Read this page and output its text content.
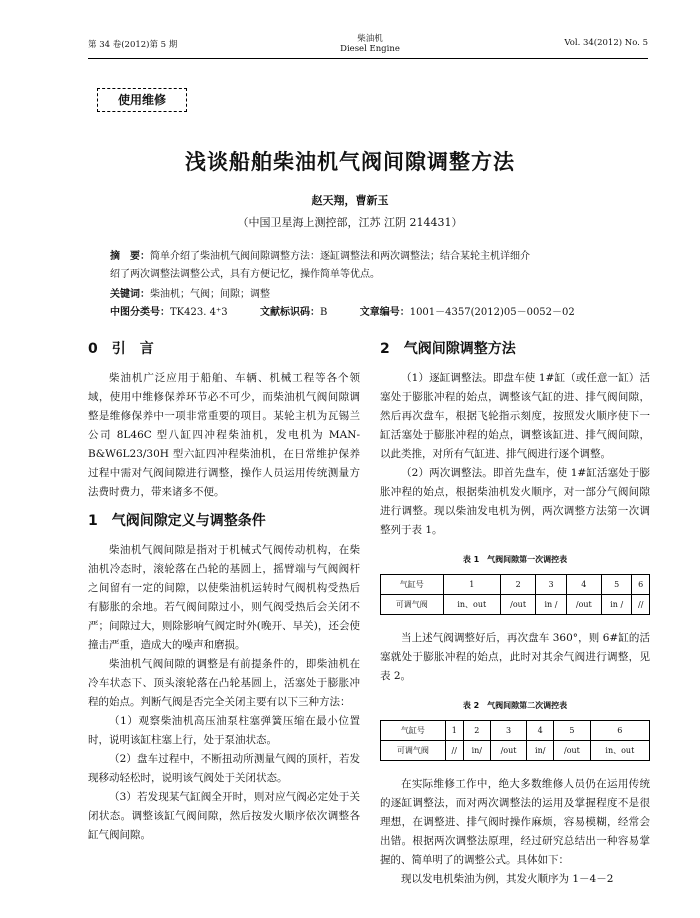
第 34 卷(2012)第 5 期
柴油机
Diesel Engine
Vol. 34(2012) No. 5
使用维修
浅谈船舶柴油机气阀间隙调整方法
赵天翔，曹新玉
（中国卫星海上测控部，江苏 江阴 214431）
摘　要：简单介绍了柴油机气阀间隙调整方法：逐缸调整法和两次调整法；结合某轮主机详细介
绍了两次调整法调整公式，具有方便记忆，操作简单等优点。
关键词：柴油机；气阀；间隙；调整
中图分类号：TK423. 4⁺3	文献标识码：B	文章编号：1001－4357(2012)05－0052－02
0　引　言

柴油机广泛应用于船舶、车辆、机械工程等各个领域，使用中维修保养环节必不可少，而柴油机气阀间隙调整是维修保养中一项非常重要的项目。某轮主机为瓦锡兰公司 8L46C 型八缸四冲程柴油机，发电机为 MAN-B&W6L23/30H 型六缸四冲程柴油机，在日常维护保养过程中需对气阀间隙进行调整，操作人员运用传统测量方法费时费力，带来诸多不便。

1　气阀间隙定义与调整条件

柴油机气阀间隙是指对于机械式气阀传动机构，在柴油机冷态时，滚轮落在凸轮的基圆上，摇臂端与气阀阀杆之间留有一定的间隙，以使柴油机运转时气阀机构受热后有膨胀的余地。若气阀间隙过小，则气阀受热后会关闭不严；间隙过大，则除影响气阀定时外(晚开、早关)，还会使撞击严重，造成大的噪声和磨损。

柴油机气阀间隙的调整是有前提条件的，即柴油机在冷车状态下、顶头滚轮落在凸轮基圆上，活塞处于膨胀冲程的始点。判断气阀是否完全关闭主要有以下三种方法：

（1）观察柴油机高压油泵柱塞弹簧压缩在最小位置时，说明该缸柱塞上行，处于泵油状态。

（2）盘车过程中，不断扭动所测量气阀的顶杆，若发现移动轻松时，说明该气阀处于关闭状态。

（3）若发现某气缸阀全开时，则对应气阀必定处于关闭状态。调整该缸气阀间隙，然后按发火顺序依次调整各缸气阀间隙。

2　气阀间隙调整方法

（1）逐缸调整法。即盘车使 1#缸（或任意一缸）活塞处于膨胀冲程的始点，调整该气缸的进、排气阀间隙，然后再次盘车，根据飞轮指示刻度，按照发火顺序使下一缸活塞处于膨胀冲程的始点，调整该缸进、排气阀间隙，以此类推，对所有气缸进、排气阀进行逐个调整。

（2）两次调整法。即首先盘车，使 1#缸活塞处于膨胀冲程的始点，根据柴油机发火顺序，对一部分气阀间隙进行调整。现以柴油发电机为例，两次调整方法第一次调整列于表 1。

表 1　气阀间隙第一次调控表
气缸号	1	2	3	4	5	6
可调气阀	in、out	/out	in /	/out	in /	//

当上述气阀调整好后，再次盘车 360°，则 6#缸的活塞就处于膨胀冲程的始点，此时对其余气阀进行调整，见表 2。

表 2　气阀间隙第二次调控表
气缸号	1	2	3	4	5	6
可调气阀	//	in/	/out	in/	/out	in、out

在实际维修工作中，绝大多数维修人员仍在运用传统的逐缸调整法，而对两次调整法的运用及掌握程度不是很理想，在调整进、排气阀时操作麻烦，容易模糊，经常会出错。根据两次调整法原理，经过研究总结出一种容易掌握的、简单明了的调整公式。具体如下：

现以发电机柴油为例，其发火顺序为 1－4－2
